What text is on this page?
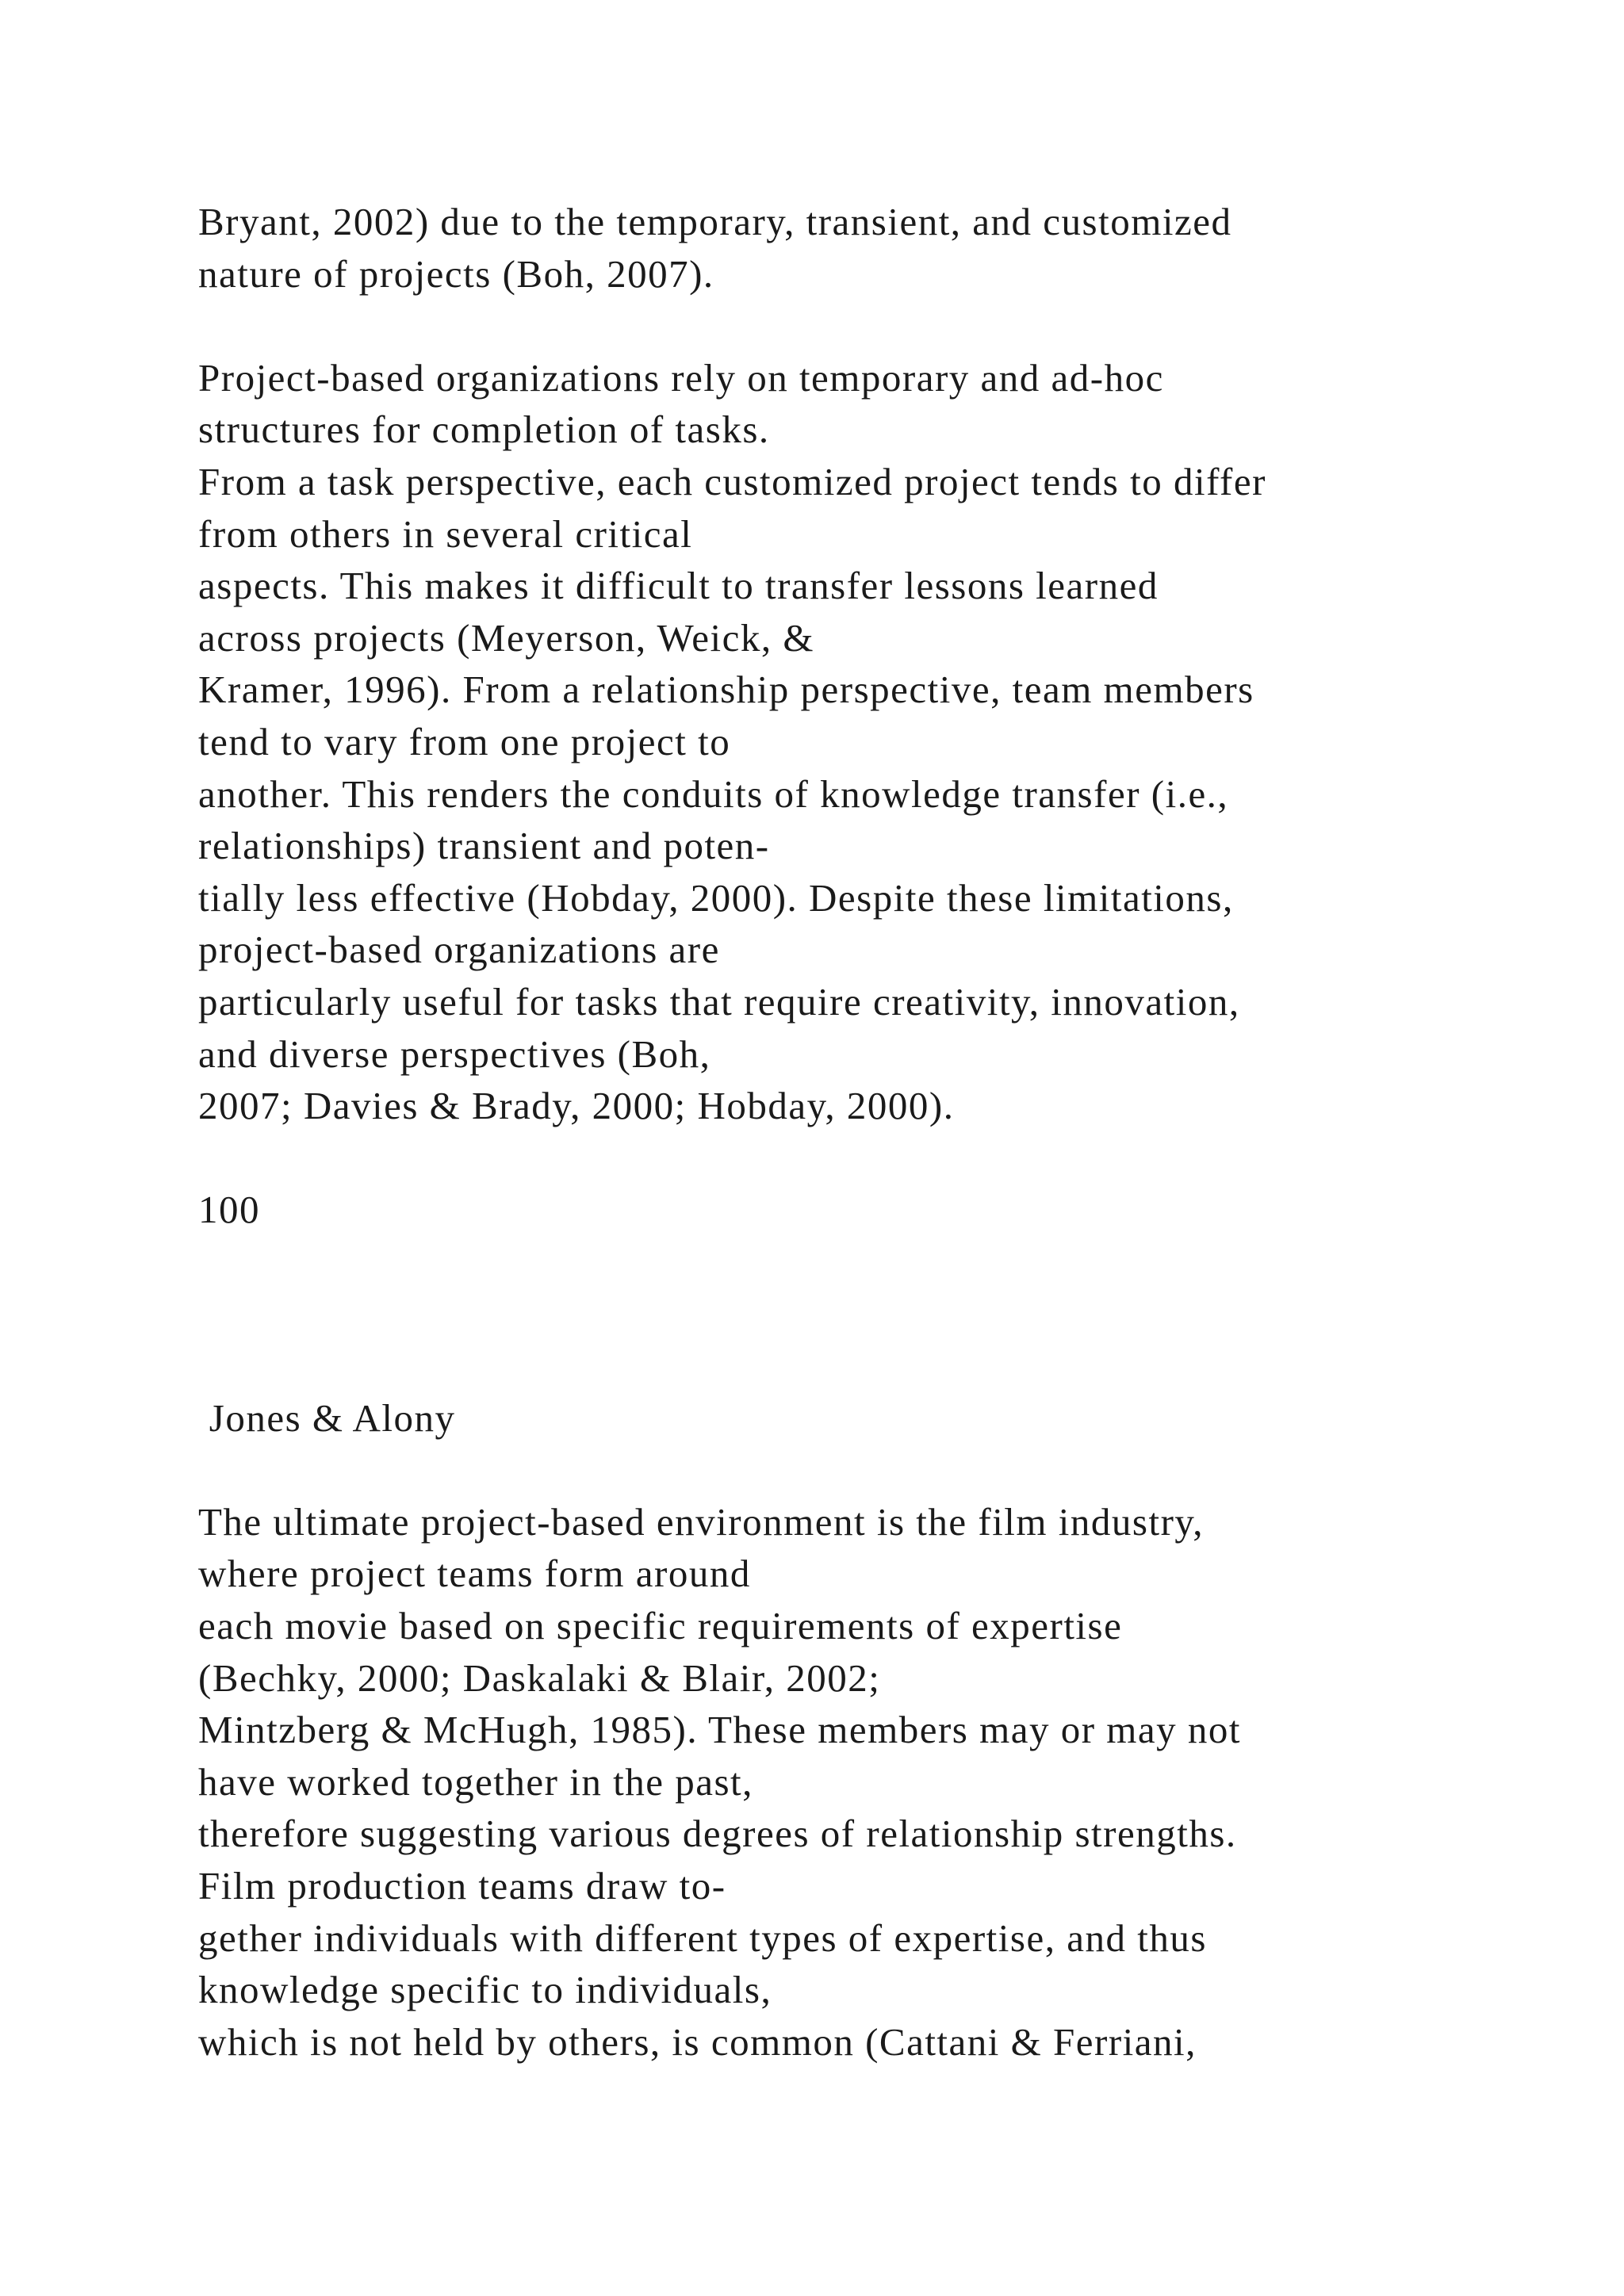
Bryant, 2002) due to the temporary, transient, and customized
nature of projects (Boh, 2007).
Project-based organizations rely on temporary and ad-hoc
structures for completion of tasks.
From a task perspective, each customized project tends to differ
from others in several critical
aspects. This makes it difficult to transfer lessons learned
across projects (Meyerson, Weick, &
Kramer, 1996). From a relationship perspective, team members
tend to vary from one project to
another. This renders the conduits of knowledge transfer (i.e.,
relationships) transient and poten-
tially less effective (Hobday, 2000). Despite these limitations,
project-based organizations are
particularly useful for tasks that require creativity, innovation,
and diverse perspectives (Boh,
2007; Davies & Brady, 2000; Hobday, 2000).
100
Jones & Alony
The ultimate project-based environment is the film industry,
where project teams form around
each movie based on specific requirements of expertise
(Bechky, 2000; Daskalaki & Blair, 2002;
Mintzberg & McHugh, 1985). These members may or may not
have worked together in the past,
therefore suggesting various degrees of relationship strengths.
Film production teams draw to-
gether individuals with different types of expertise, and thus
knowledge specific to individuals,
which is not held by others, is common (Cattani & Ferriani,
